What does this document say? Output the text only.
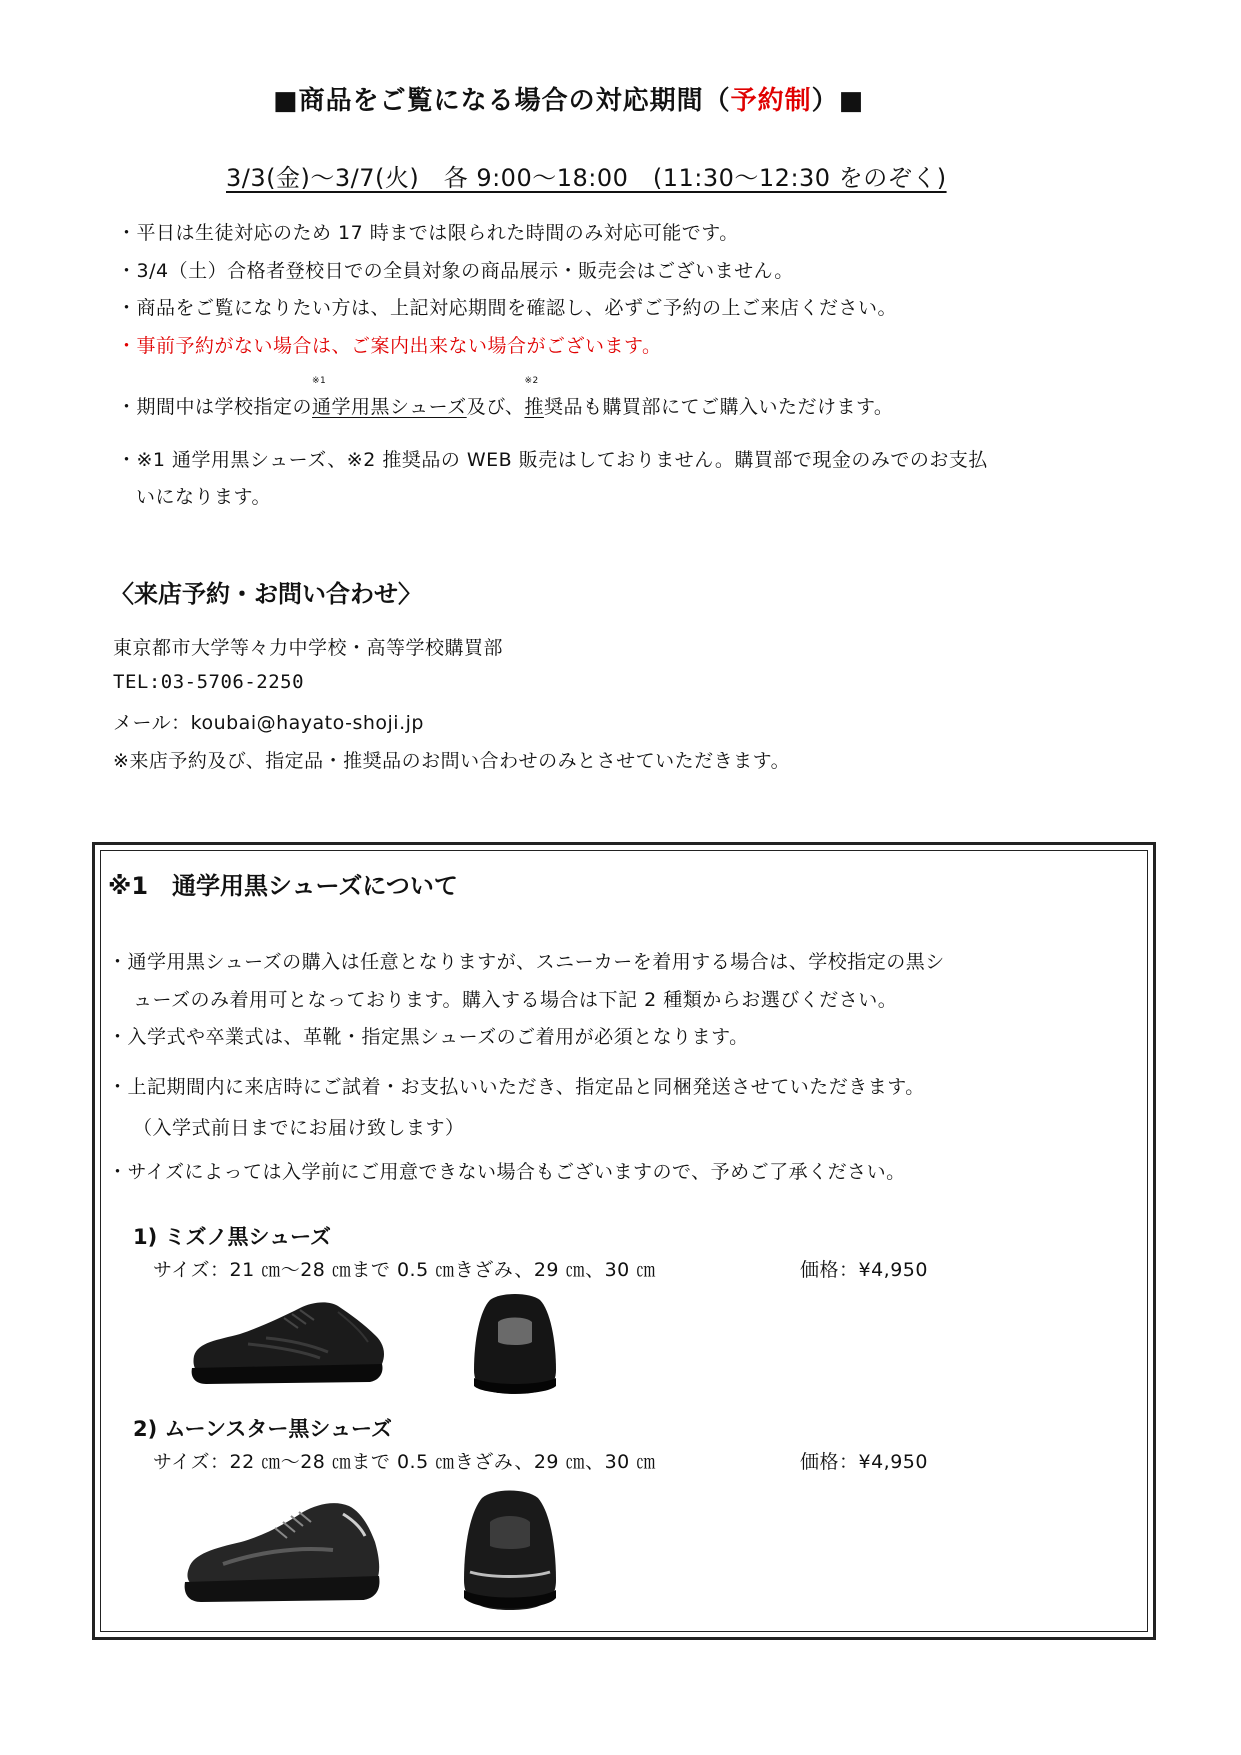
■商品をご覧になる場合の対応期間（予約制）■
3/3(金)～3/7(火)　各 9:00～18:00　(11:30～12:30 をのぞく)
・平日は生徒対応のため 17 時までは限られた時間のみ対応可能です。
・3/4（土）合格者登校日での全員対象の商品展示・販売会はございません。
・商品をご覧になりたい方は、上記対応期間を確認し、必ずご予約の上ご来店ください。
・事前予約がない場合は、ご案内出来ない場合がございます。
・期間中は学校指定の
※1
通学用黒シューズ及び、
※2
推奨品も購買部にてご購入いただけます。
・※1 通学用黒シューズ、※2 推奨品の WEB 販売はしておりません。購買部で現金のみでのお支払
いになります。
〈来店予約・お問い合わせ〉
東京都市大学等々力中学校・高等学校購買部
TEL:03-5706-2250
メール：koubai@hayato-shoji.jp
※来店予約及び、指定品・推奨品のお問い合わせのみとさせていただきます。
※1　通学用黒シューズについて
・通学用黒シューズの購入は任意となりますが、スニーカーを着用する場合は、学校指定の黒シ
ューズのみ着用可となっております。購入する場合は下記 2 種類からお選びください。
・入学式や卒業式は、革靴・指定黒シューズのご着用が必須となります。
・上記期間内に来店時にご試着・お支払いいただき、指定品と同梱発送させていただきます。
（入学式前日までにお届け致します）
・サイズによっては入学前にご用意できない場合もございますので、予めご了承ください。
1) ミズノ黒シューズ
サイズ：21 ㎝～28 ㎝まで 0.5 ㎝きざみ、29 ㎝、30 ㎝	価格：¥4,950
2) ムーンスター黒シューズ
サイズ：22 ㎝～28 ㎝まで 0.5 ㎝きざみ、29 ㎝、30 ㎝	価格：¥4,950
